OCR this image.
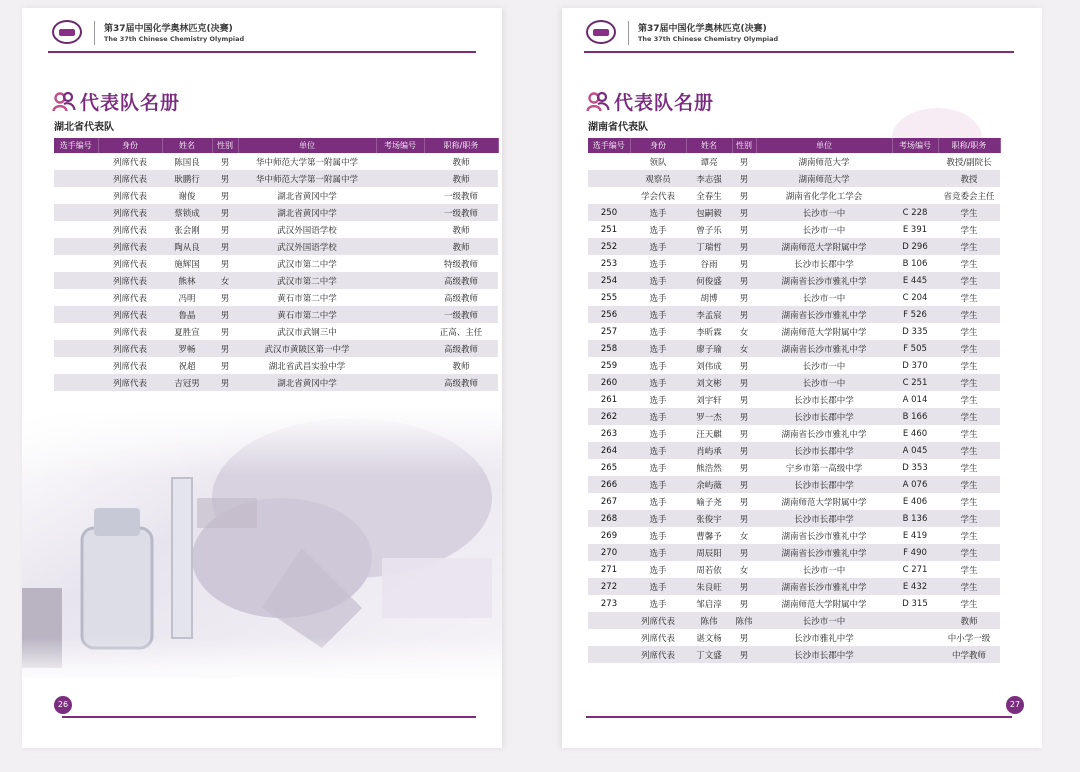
第37届中国化学奥林匹克(决赛)
The 37th Chinese Chemistry Olympiad
代表队名册
湖北省代表队
选手编号	身份	姓名	性别	单位	考场编号	职称/职务
	列席代表	陈国良	男	华中师范大学第一附属中学		教师
	列席代表	耿鹏行	男	华中师范大学第一附属中学		教师
	列席代表	谢俊	男	湖北省黄冈中学		一级教师
	列席代表	蔡锁成	男	湖北省黄冈中学		一级教师
	列席代表	张会刚	男	武汉外国语学校		教师
	列席代表	陶从良	男	武汉外国语学校		教师
	列席代表	施辉国	男	武汉市第二中学		特级教师
	列席代表	熊林	女	武汉市第二中学		高级教师
	列席代表	冯明	男	黄石市第二中学		高级教师
	列席代表	鲁晶	男	黄石市第二中学		一级教师
	列席代表	夏胜宣	男	武汉市武钢三中		正高、主任
	列席代表	罗畅	男	武汉市黄陂区第一中学		高级教师
	列席代表	祝超	男	湖北省武昌实验中学		教师
	列席代表	吉冠男	男	湖北省黄冈中学		高级教师
26
第37届中国化学奥林匹克(决赛)
The 37th Chinese Chemistry Olympiad
代表队名册
湖南省代表队
选手编号	身份	姓名	性别	单位	考场编号	职称/职务
	领队	谭亮	男	湖南师范大学		教授/副院长
	观察员	李志强	男	湖南师范大学		教授
	学会代表	全春生	男	湖南省化学化工学会		省竞委会主任
250	选手	包嗣毅	男	长沙市一中	C 228	学生
251	选手	曾子乐	男	长沙市一中	E 391	学生
252	选手	丁瑞哲	男	湖南师范大学附属中学	D 296	学生
253	选手	谷雨	男	长沙市长郡中学	B 106	学生
254	选手	何俊盛	男	湖南省长沙市雅礼中学	E 445	学生
255	选手	胡博	男	长沙市一中	C 204	学生
256	选手	李孟宸	男	湖南省长沙市雅礼中学	F 526	学生
257	选手	李昕霖	女	湖南师范大学附属中学	D 335	学生
258	选手	廖子瑜	女	湖南省长沙市雅礼中学	F 505	学生
259	选手	刘伟成	男	长沙市一中	D 370	学生
260	选手	刘文彬	男	长沙市一中	C 251	学生
261	选手	刘宇轩	男	长沙市长郡中学	A 014	学生
262	选手	罗一杰	男	长沙市长郡中学	B 166	学生
263	选手	汪天麒	男	湖南省长沙市雅礼中学	E 460	学生
264	选手	肖屿承	男	长沙市长郡中学	A 045	学生
265	选手	熊浩然	男	宁乡市第一高级中学	D 353	学生
266	选手	余屿薇	男	长沙市长郡中学	A 076	学生
267	选手	喻子尧	男	湖南师范大学附属中学	E 406	学生
268	选手	张俊宇	男	长沙市长郡中学	B 136	学生
269	选手	曹馨予	女	湖南省长沙市雅礼中学	E 419	学生
270	选手	周辰阳	男	湖南省长沙市雅礼中学	F 490	学生
271	选手	周若依	女	长沙市一中	C 271	学生
272	选手	朱良旺	男	湖南省长沙市雅礼中学	E 432	学生
273	选手	邹启淳	男	湖南师范大学附属中学	D 315	学生
	列席代表	陈伟	陈伟	长沙市一中		教师
	列席代表	谌文杨	男	长沙市雅礼中学		中小学一级
	列席代表	丁文盛	男	长沙市长郡中学		中学教师
27
